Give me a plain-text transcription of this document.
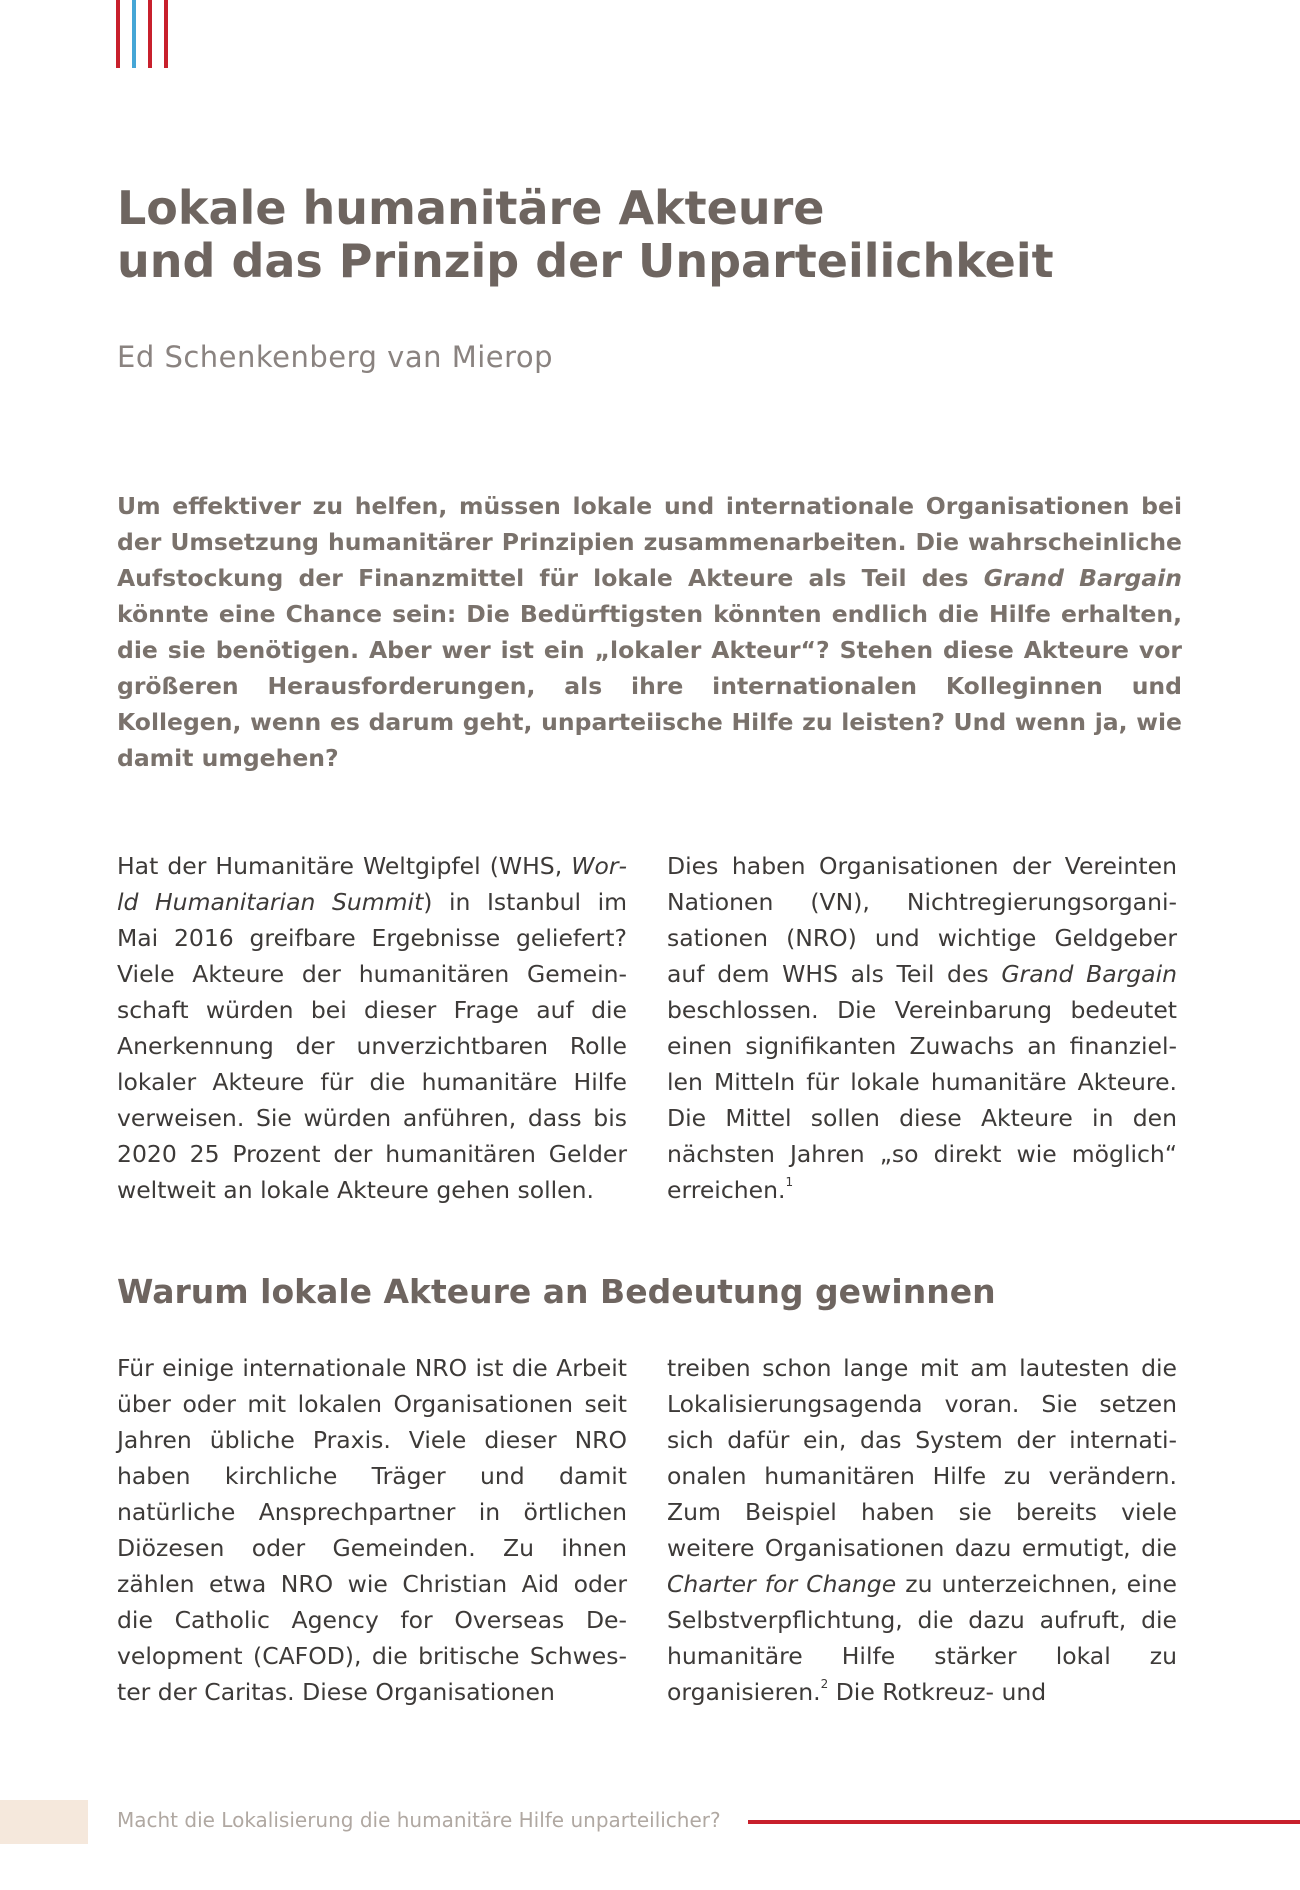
Lokale humanitäre Akteure
und das Prinzip der Unparteilichkeit
Ed Schenkenberg van Mierop

Um effektiver zu helfen, müssen lokale und internationale Organisationen bei der Umsetzung humanitärer Prinzipien zusammenarbeiten. Die wahrscheinliche Aufstockung der Finanzmittel für lokale Akteure als Teil des Grand Bargain könnte eine Chance sein: Die Bedürftigsten könnten endlich die Hilfe erhalten, die sie benötigen. Aber wer ist ein „lokaler Akteur“? Stehen diese Akteure vor größeren Herausforderungen, als ihre internationalen Kolleginnen und Kollegen, wenn es darum geht, unparteiische Hilfe zu leisten? Und wenn ja, wie damit umgehen?

Hat der Humanitäre Weltgipfel (WHS, World Humanitarian Summit) in Istanbul im Mai 2016 greifbare Ergebnisse geliefert? Viele Akteure der humanitären Gemeinschaft würden bei dieser Frage auf die Anerkennung der unverzichtbaren Rolle lokaler Akteure für die humanitäre Hilfe verweisen. Sie würden anführen, dass bis 2020 25 Prozent der humanitären Gelder weltweit an lokale Akteure gehen sollen.

Dies haben Organisationen der Vereinten Nationen (VN), Nichtregierungsorganisationen (NRO) und wichtige Geldgeber auf dem WHS als Teil des Grand Bargain beschlossen. Die Vereinbarung bedeutet einen signifikanten Zuwachs an finanziellen Mitteln für lokale humanitäre Akteure. Die Mittel sollen diese Akteure in den nächsten Jahren „so direkt wie möglich“ erreichen.$^1$

Warum lokale Akteure an Bedeutung gewinnen

Für einige internationale NRO ist die Arbeit über oder mit lokalen Organisationen seit Jahren übliche Praxis. Viele dieser NRO haben kirchliche Träger und damit natürliche Ansprechpartner in örtlichen Diözesen oder Gemeinden. Zu ihnen zählen etwa NRO wie Christian Aid oder die Catholic Agency for Overseas Development (CAFOD), die britische Schwester der Caritas. Diese Organisationen

treiben schon lange mit am lautesten die Lokalisierungsagenda voran. Sie setzen sich dafür ein, das System der internationalen humanitären Hilfe zu verändern. Zum Beispiel haben sie bereits viele weitere Organisationen dazu ermutigt, die Charter for Change zu unterzeichnen, eine Selbstverpflichtung, die dazu aufruft, die humanitäre Hilfe stärker lokal zu organisieren.$^2$ Die Rotkreuz- und

Macht die Lokalisierung die humanitäre Hilfe unparteilicher?
